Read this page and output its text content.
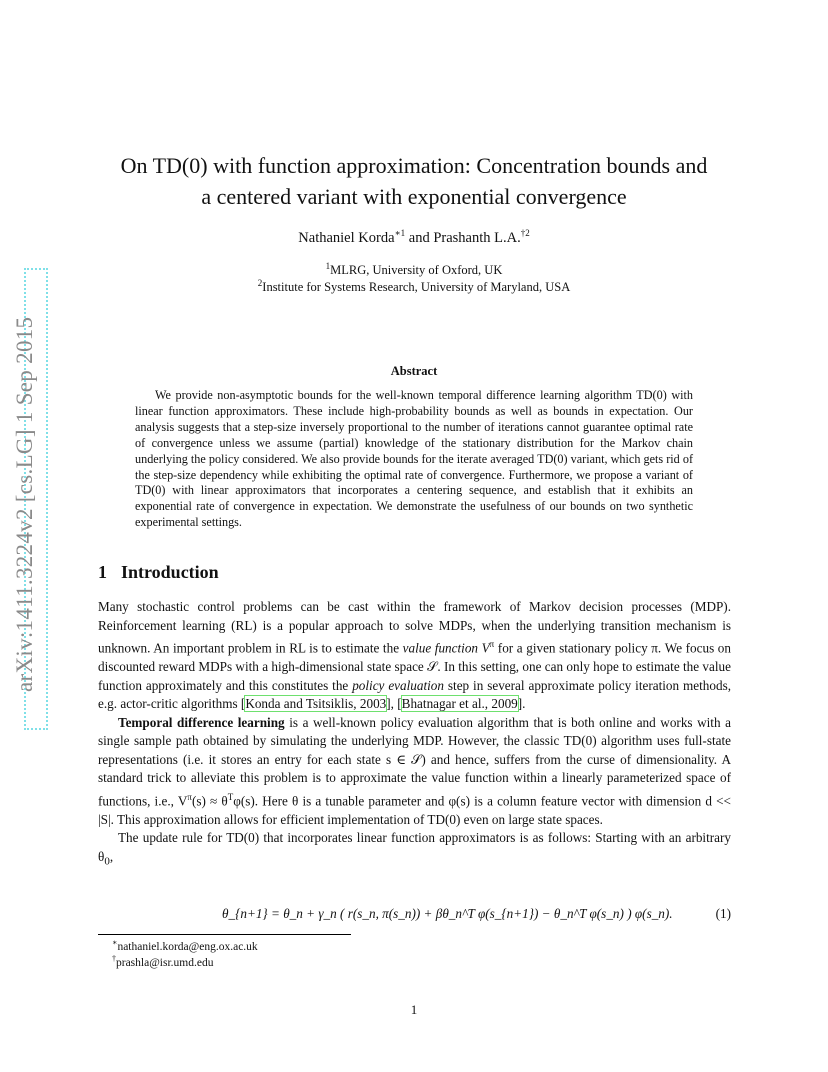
arXiv:1411.3224v2 [cs.LG] 1 Sep 2015
On TD(0) with function approximation: Concentration bounds and
a centered variant with exponential convergence
Nathaniel Korda$^{∗1}$ and Prashanth L.A.$^{\dagger 2}$
$^1$MLRG, University of Oxford, UK
$^2$Institute for Systems Research, University of Maryland, USA
Abstract

We provide non-asymptotic bounds for the well-known temporal difference learning algorithm TD(0) with linear function approximators. These include high-probability bounds as well as bounds in expectation. Our analysis suggests that a step-size inversely proportional to the number of iterations cannot guarantee optimal rate of convergence unless we assume (partial) knowledge of the stationary distribution for the Markov chain underlying the policy considered. We also provide bounds for the iterate averaged TD(0) variant, which gets rid of the step-size dependency while exhibiting the optimal rate of convergence. Furthermore, we propose a variant of TD(0) with linear approximators that incorporates a centering sequence, and establish that it exhibits an exponential rate of convergence in expectation. We demonstrate the usefulness of our bounds on two synthetic experimental settings.

1 Introduction

Many stochastic control problems can be cast within the framework of Markov decision processes (MDP). Reinforcement learning (RL) is a popular approach to solve MDPs, when the underlying transition mechanism is unknown. An important problem in RL is to estimate the value function $V^\pi$ for a given stationary policy π. We focus on discounted reward MDPs with a high-dimensional state space 𝒮. In this setting, one can only hope to estimate the value function approximately and this constitutes the policy evaluation step in several approximate policy iteration methods, e.g. actor-critic algorithms [Konda and Tsitsiklis, 2003], [Bhatnagar et al., 2009].

Temporal difference learning is a well-known policy evaluation algorithm that is both online and works with a single sample path obtained by simulating the underlying MDP. However, the classic TD(0) algorithm uses full-state representations (i.e. it stores an entry for each state s ∈ 𝒮) and hence, suffers from the curse of dimensionality. A standard trick to alleviate this problem is to approximate the value function within a linearly parameterized space of functions, i.e., $V^\pi(s) \approx \theta^T\varphi(s)$. Here θ is a tunable parameter and φ(s) is a column feature vector with dimension d << |S|. This approximation allows for efficient implementation of TD(0) even on large state spaces.

The update rule for TD(0) that incorporates linear function approximators is as follows: Starting with an arbitrary $\theta_0$,

θ_{n+1} = θ_n + γ_n ( r(s_n, π(s_n)) + βθ_n^T φ(s_{n+1}) − θ_n^T φ(s_n) ) φ(s_n).	(1)
∗nathaniel.korda@eng.ox.ac.uk
†prashla@isr.umd.edu
1
